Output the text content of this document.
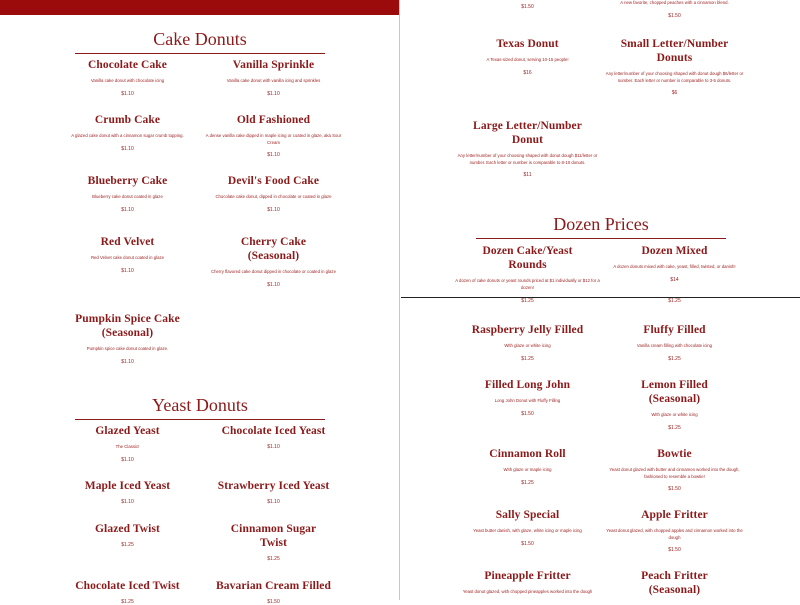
Cake Donuts
Chocolate Cake
Vanilla cake donut with chocolate icing
$1.10
Vanilla Sprinkle
Vanilla cake donut with vanilla icing and sprinkles
$1.10
Crumb Cake
A glazed cake donut with a cinnamon sugar crumb topping.
$1.10
Old Fashioned
A dense vanilla cake dipped in maple icing or coated in glaze, aka Sour Cream
$1.10
Blueberry Cake
Blueberry cake donut coated in glaze
$1.10
Devil's Food Cake
Chocolate cake donut, dipped in chocolate or coated in glaze
$1.10
Red Velvet
Red Velvet cake donut coated in glaze
$1.10
Cherry Cake (Seasonal)
Cherry flavored cake donut dipped in chocolate or coated in glaze
$1.10
Pumpkin Spice Cake (Seasonal)
Pumpkin spice cake donut coated in glaze.
$1.10
Yeast Donuts
Glazed Yeast
The Classic!
$1.10
Chocolate Iced Yeast
$1.10
Maple Iced Yeast
$1.10
Strawberry Iced Yeast
$1.10
Glazed Twist
$1.25
Cinnamon Sugar Twist
$1.25
Chocolate Iced Twist
$1.25
Bavarian Cream Filled
$1.50
$1.50
A new favorite, chopped peaches with a cinnamon blend.
$1.50
Texas Donut
A Texas-sized donut, serving 10-15 people!
$16
Small Letter/Number Donuts
Any letter/number of your choosing shaped with donut dough $6/letter or number. Each letter or number is comparable to 3-5 donuts.
$6
Large Letter/Number Donut
Any letter/number of your choosing shaped with donut dough $11/letter or number. Each letter or number is comparable to 8-10 donuts.
$11
Dozen Prices
Dozen Cake/Yeast Rounds
A dozen of cake donuts or yeast rounds priced at $1 individually or $12 for a dozen!
Dozen Mixed
A dozen donuts mixed with cake, yeast, filled, twisted, or danish!
$14
$1.25	$1.25
Raspberry Jelly Filled
With glaze or white icing
$1.25
Fluffy Filled
Vanilla cream filling with chocolate icing
$1.25
Filled Long John
Long John Donut with Fluffy Filling
$1.50
Lemon Filled (Seasonal)
With glaze or white icing
$1.25
Cinnamon Roll
With glaze or maple icing
$1.25
Bowtie
Yeast donut glazed with butter and cinnamon worked into the dough, fashioned to resemble a bowtie!
$1.50
Sally Special
Yeast butter danish, with glaze, white icing or maple icing
$1.50
Apple Fritter
Yeast donut glazed, with chopped apples and cinnamon worked into the dough
$1.50
Pineapple Fritter
Yeast donut glazed, with chopped pineapples worked into the dough
Peach Fritter (Seasonal)
